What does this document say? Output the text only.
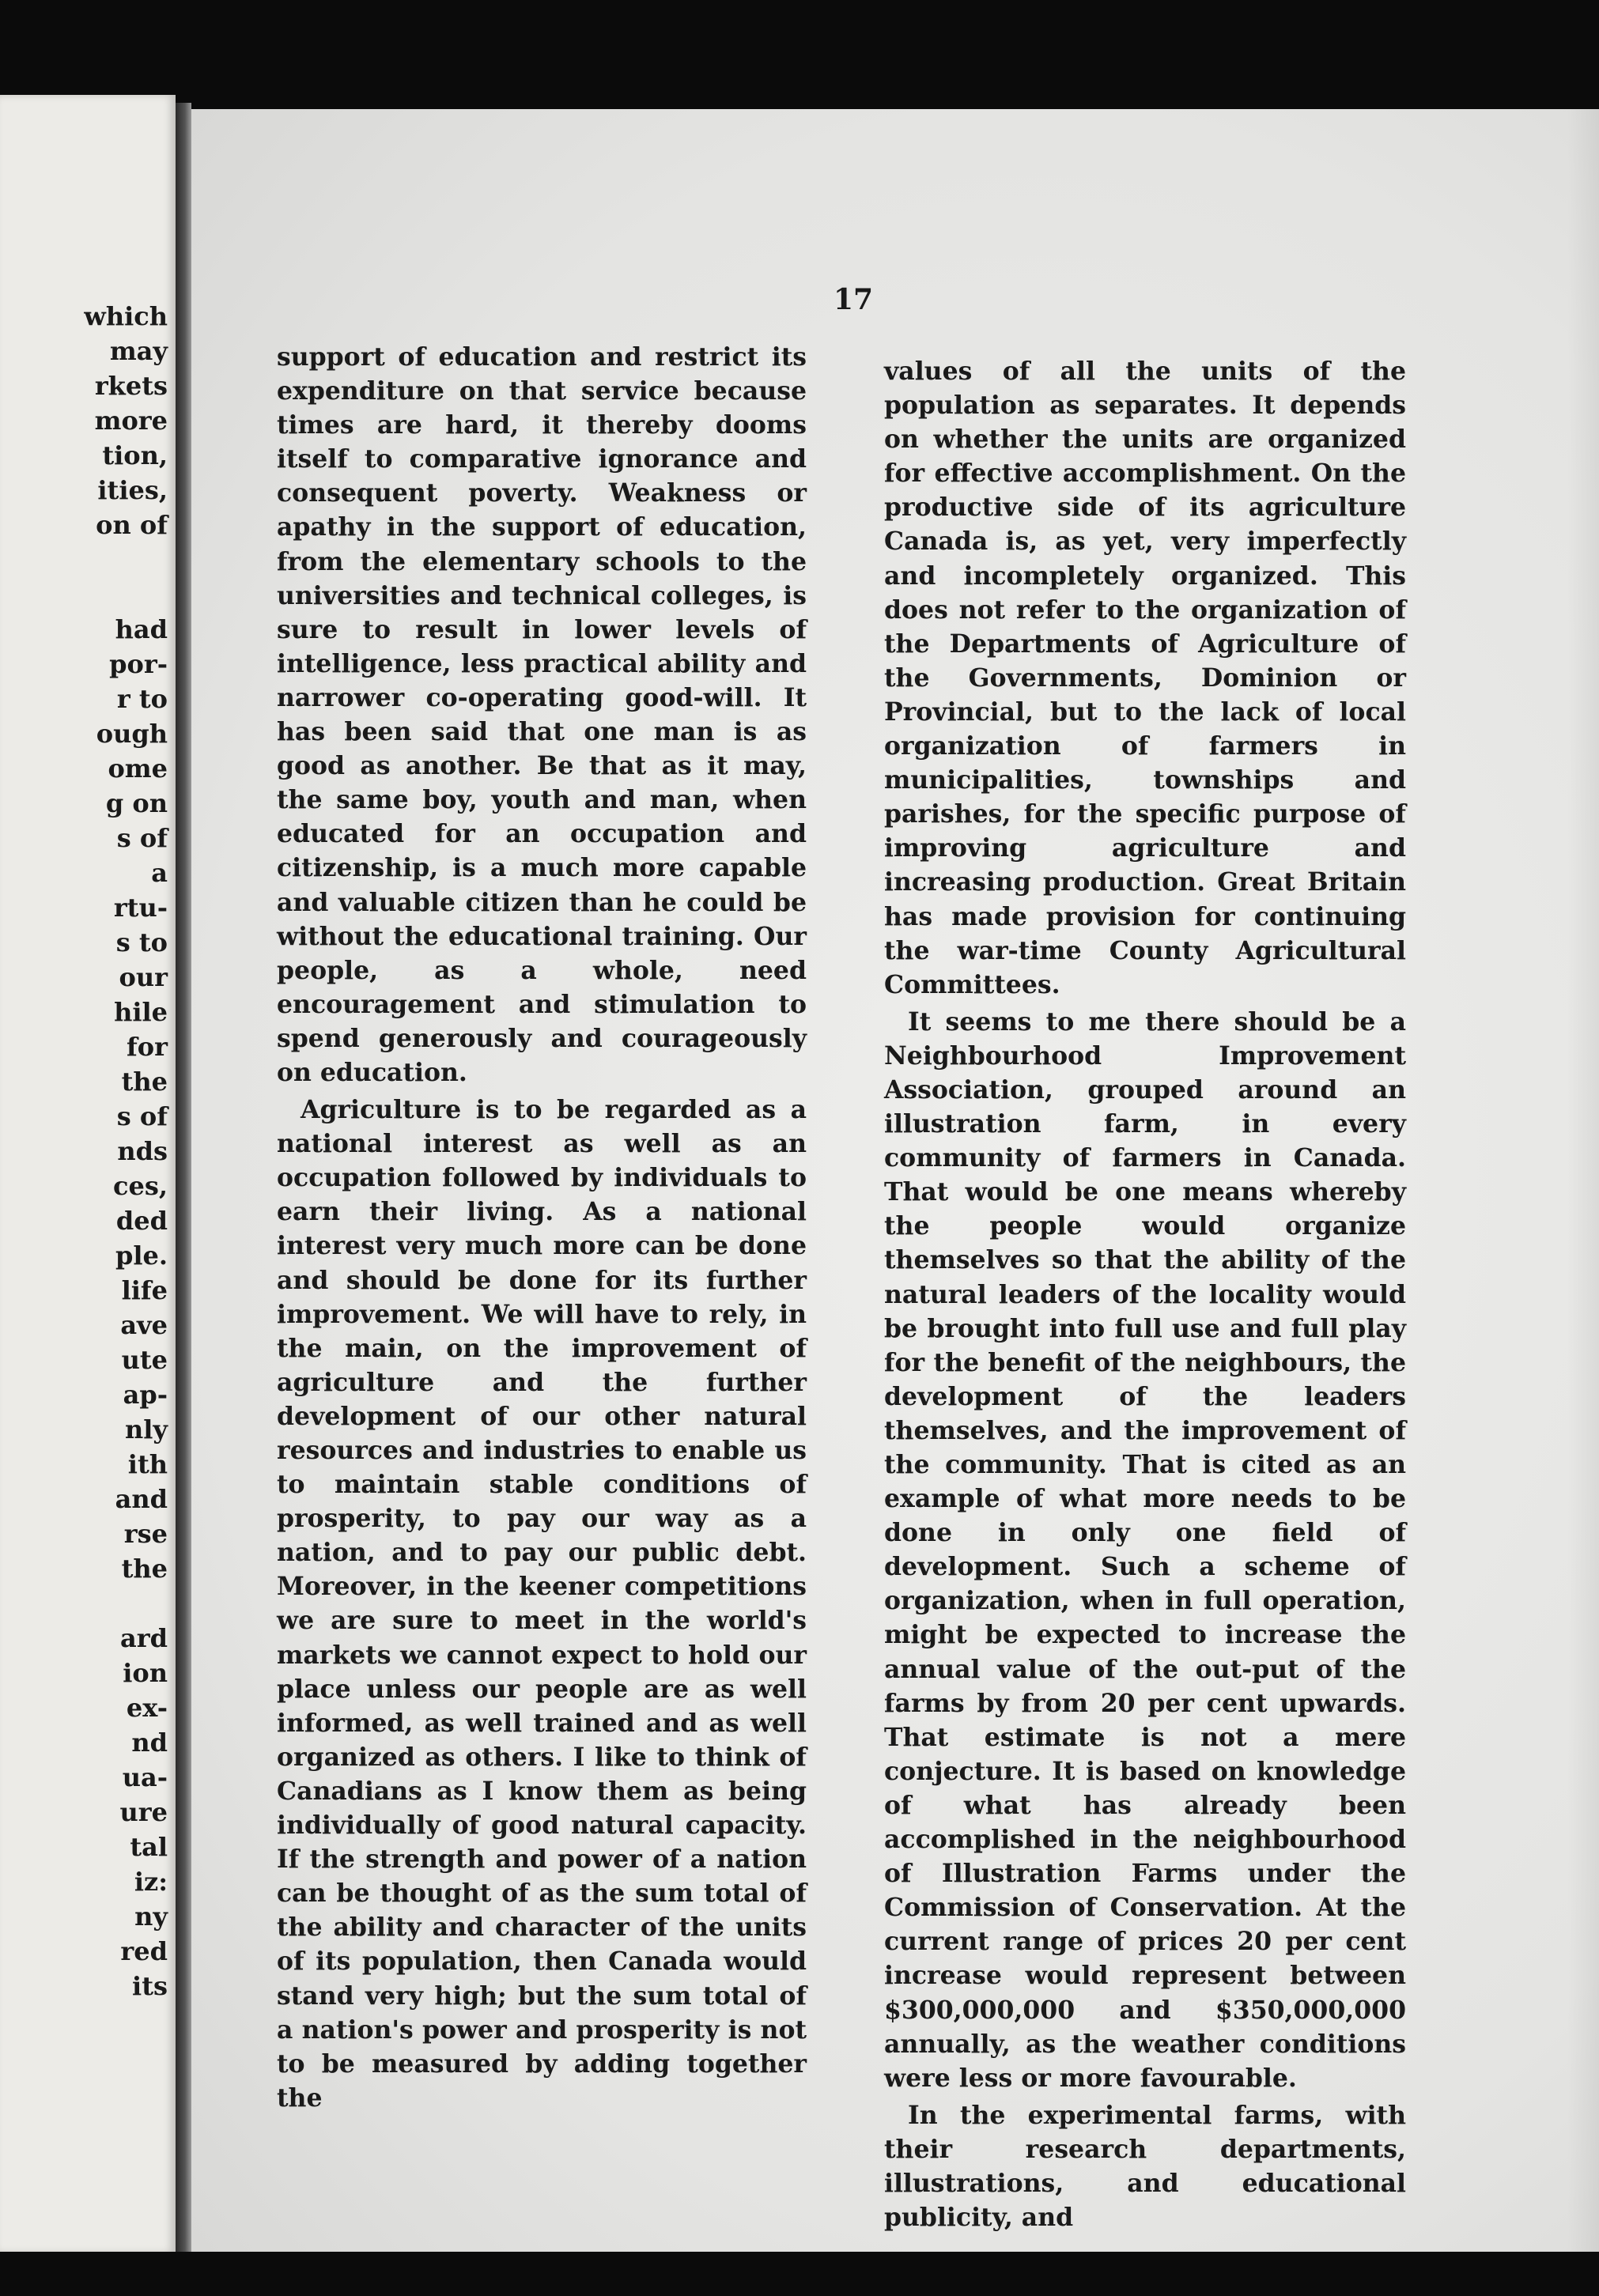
which
may
rkets
more
tion,
ities,
on of
had
por-
r to
ough
ome
g on
s of
a
rtu-
s to
our
hile
for
the
s of
nds
ces,
ded
ple.
life
ave
ute
ap-
nly
ith
and
rse
the
ard
ion
ex-
nd
ua-
ure
tal
iz:
ny
red
its
17

support of education and restrict its expenditure on that service because times are hard, it thereby dooms itself to comparative ignorance and consequent poverty. Weakness or apathy in the support of education, from the elementary schools to the universities and technical colleges, is sure to result in lower levels of intelligence, less practical ability and narrower co-operating good-will. It has been said that one man is as good as another. Be that as it may, the same boy, youth and man, when educated for an occupation and citizenship, is a much more capable and valuable citizen than he could be without the educational training. Our people, as a whole, need encouragement and stimulation to spend generously and courageously on education.

Agriculture is to be regarded as a national interest as well as an occupation followed by individuals to earn their living. As a national interest very much more can be done and should be done for its further improvement. We will have to rely, in the main, on the improvement of agriculture and the further development of our other natural resources and industries to enable us to maintain stable conditions of prosperity, to pay our way as a nation, and to pay our public debt. Moreover, in the keener competitions we are sure to meet in the world's markets we cannot expect to hold our place unless our people are as well informed, as well trained and as well organized as others. I like to think of Canadians as I know them as being individually of good natural capacity. If the strength and power of a nation can be thought of as the sum total of the ability and character of the units of its population, then Canada would stand very high; but the sum total of a nation's power and prosperity is not to be measured by adding together the

values of all the units of the population as separates. It depends on whether the units are organized for effective accomplishment. On the productive side of its agriculture Canada is, as yet, very imperfectly and incompletely organized. This does not refer to the organization of the Departments of Agriculture of the Governments, Dominion or Provincial, but to the lack of local organization of farmers in municipalities, townships and parishes, for the specific purpose of improving agriculture and increasing production. Great Britain has made provision for continuing the war-time County Agricultural Committees.

It seems to me there should be a Neighbourhood Improvement Association, grouped around an illustration farm, in every community of farmers in Canada. That would be one means whereby the people would organize themselves so that the ability of the natural leaders of the locality would be brought into full use and full play for the benefit of the neighbours, the development of the leaders themselves, and the improvement of the community. That is cited as an example of what more needs to be done in only one field of development. Such a scheme of organization, when in full operation, might be expected to increase the annual value of the out-put of the farms by from 20 per cent upwards. That estimate is not a mere conjecture. It is based on knowledge of what has already been accomplished in the neighbourhood of Illustration Farms under the Commission of Conservation. At the current range of prices 20 per cent increase would represent between $300,000,000 and $350,000,000 annually, as the weather conditions were less or more favourable.

In the experimental farms, with their research departments, illustrations, and educational publicity, and
